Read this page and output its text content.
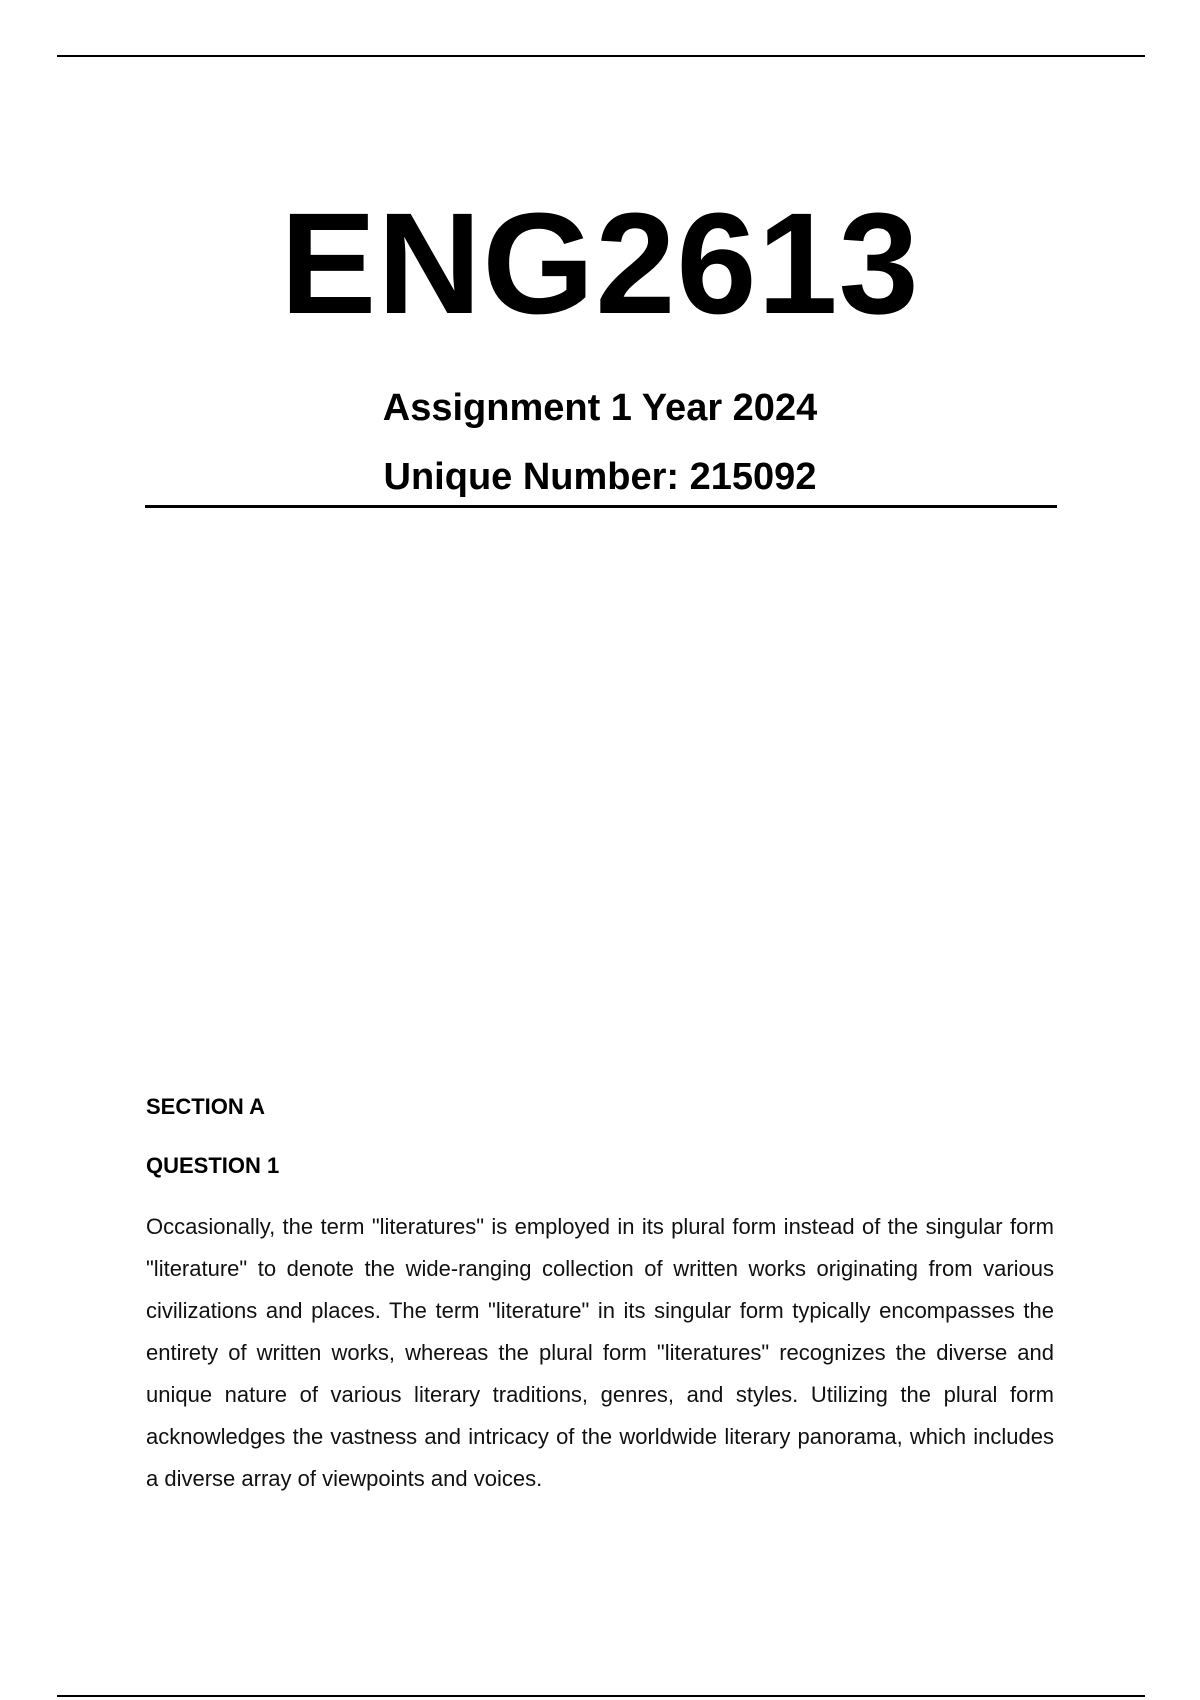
ENG2613
Assignment 1 Year 2024
Unique Number: 215092
SECTION A
QUESTION 1

Occasionally, the term "literatures" is employed in its plural form instead of the singular form "literature" to denote the wide-ranging collection of written works originating from various civilizations and places. The term "literature" in its singular form typically encompasses the entirety of written works, whereas the plural form "literatures" recognizes the diverse and unique nature of various literary traditions, genres, and styles. Utilizing the plural form acknowledges the vastness and intricacy of the worldwide literary panorama, which includes a diverse array of viewpoints and voices.
